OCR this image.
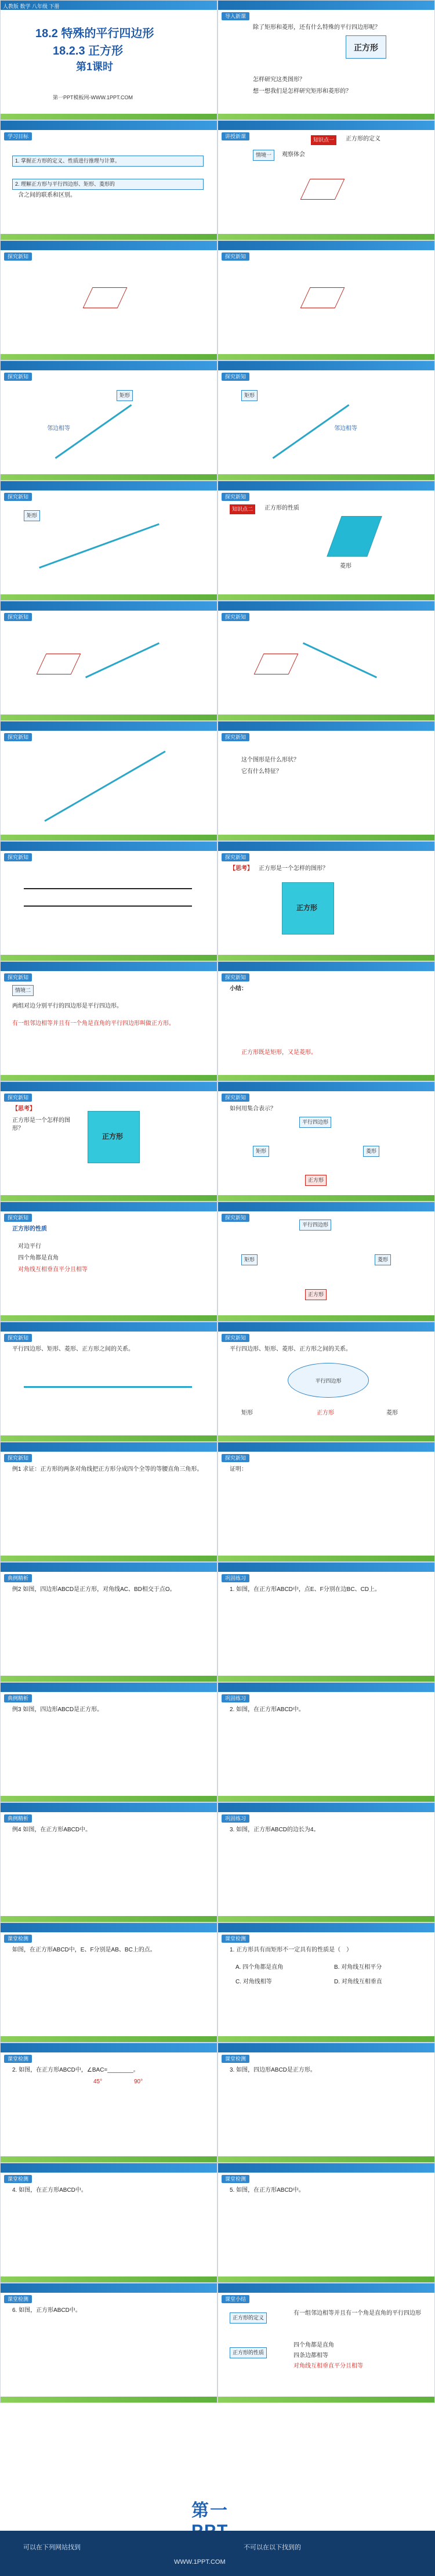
人教版 数学 八年级 下册
18.2 特殊的平行四边形
18.2.3 正方形
第1课时
第一PPT模板网-WWW.1PPT.COM
导入新课
除了矩形和菱形，还有什么特殊的平行四边形呢？
正方形
怎样研究这类图形？
想一想我们是怎样研究矩形和菱形的？
学习目标
1. 掌握正方形的定义、性质进行推理与计算。
2. 理解正方形与平行四边形、矩形、菱形的
含之间的联系和区别。
讲授新课
知识点一	正方形的定义
情境一	观察体会
探究新知	探究新知
探究新知
矩形
邻边相等
探究新知
矩形
邻边相等
探究新知
矩形
探究新知
知识点二	正方形的性质
菱形
探究新知	探究新知
探究新知	探究新知
这个图形是什么形状？
它有什么特征？
探究新知	探究新知
【思考】 正方形是一个怎样的图形？
正方形
探究新知
情境二
两组对边分别平行的四边形是平行四边形。
有一组邻边相等并且有一个角是直角的平行四边形叫做正方形。
探究新知
小结：
正方形既是矩形，又是菱形。
探究新知
【思考】
正方形是一个怎样的图形？
正方形
探究新知
如何用集合表示？
平行四边形
矩形	菱形
正方形
探究新知
正方形的性质
对边平行
四个角都是直角
对角线互相垂直平分且相等
探究新知
平行四边形
矩形	菱形
正方形
探究新知
平行四边形、矩形、菱形、正方形之间的关系。
探究新知
平行四边形、矩形、菱形、正方形之间的关系。
平行四边形
矩形	菱形
正方形
探究新知
例1 求证：正方形的两条对角线把正方形分成四个全等的等腰直角三角形。
探究新知
证明：
典例精析
例2 如图，四边形ABCD是正方形，对角线AC、BD相交于点O。
巩固练习
1. 如图，在正方形ABCD中，点E、F分别在边BC、CD上。
典例精析
例3 如图，四边形ABCD是正方形。
巩固练习
2. 如图，在正方形ABCD中。
典例精析
例4 如图，在正方形ABCD中。
巩固练习
3. 如图，正方形ABCD的边长为4。
课堂检测
如图，在正方形ABCD中，E、F分别是AB、BC上的点。
课堂检测
1. 正方形具有而矩形不一定具有的性质是（　）
A. 四个角都是直角	B. 对角线互相平分
C. 对角线相等	D. 对角线互相垂直
课堂检测
2. 如图，在正方形ABCD中，∠BAC=________。
45°	90°
课堂检测
3. 如图，四边形ABCD是正方形。
课堂检测
4. 如图，在正方形ABCD中。
课堂检测
5. 如图，在正方形ABCD中。
课堂检测
6. 如图，正方形ABCD中。
课堂小结
正方形的定义
正方形的性质
有一组邻边相等并且有一个角是直角的平行四边形
四个角都是直角
四条边都相等
对角线互相垂直平分且相等
第一
可以在下列网站找到	不可以在以下找到的
WWW.1PPT.COM
